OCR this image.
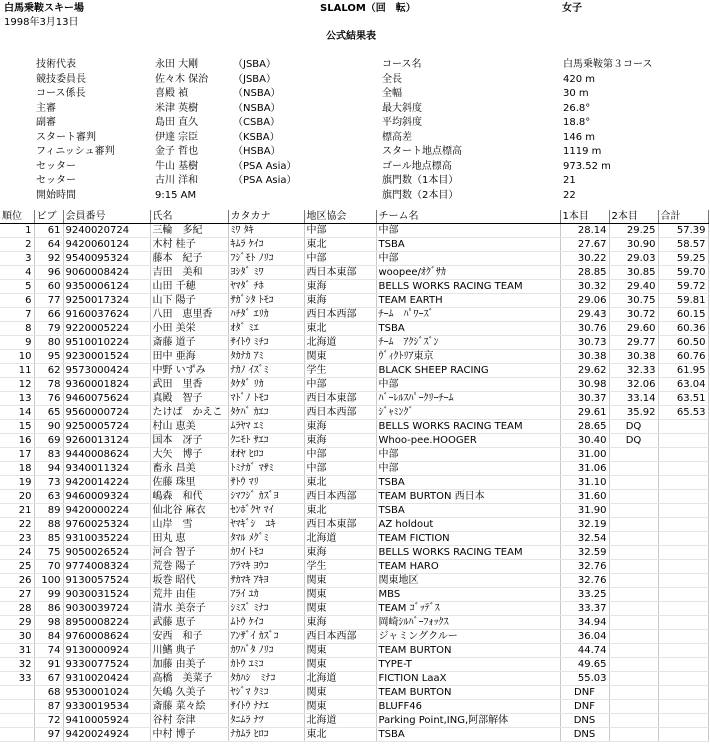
白馬乗鞍スキー場	SLALOM（回　転）	女子
1998年3月13日
公式結果表
技術代表	永田 大剛	（JSBA）
競技委員長	佐々木 保治 （JSBA）
コース係長	喜殿 禎	（NSBA）
主審	米津 英樹	（NSBA）
副審	島田 直久	（CSBA）
スタート審判	伊達 宗臣	（KSBA）
フィニッシュ審判	金子 哲也	（HSBA）
セッター	牛山 基樹	（PSA Asia）
セッター	古川 洋和	（PSA Asia）
開始時間	9:15 AM
コース名	白馬乗鞍第３コース
全長	420 m
全幅	30 m
最大斜度	26.8°
平均斜度	18.8°
標高差	146 m
スタート地点標高	1119 m
ゴール地点標高	973.52 m
旗門数（1本目）	21
旗門数（2本目）	22
順位	ビブ	会員番号	氏名	カタカナ	地区協会	チーム名	1本目	2本目	合計
1	61	9240020724	三輪　多紀	ﾐﾜ ﾀｷ	中部	中部	28.14	29.25	57.39
2	64	9420060124	木村 桂子	ｷﾑﾗ ｹｲｺ	東北	TSBA	27.67	30.90	58.57
3	92	9540095324	藤本　紀子	ﾌｼﾞﾓﾄ ﾉﾘｺ	中部	中部	30.22	29.03	59.25
4	96	9060008424	吉田　美和	ﾖｼﾀﾞ ﾐﾜ	西日本東部	woopee/ｵｸﾞｻｶ	28.85	30.85	59.70
5	60	9350006124	山田 千穂	ﾔﾏﾀﾞ ﾁﾎ	東海	BELLS WORKS RACING TEAM	30.32	29.40	59.72
6	77	9250017324	山下 陽子	ｻｶﾞｼﾀ ﾄﾓｺ	東海	TEAM EARTH	29.06	30.75	59.81
7	66	9160037624	八田　恵里香	ﾊﾁﾀﾞ ｴﾘｶ	西日本西部	ﾁｰﾑ　ﾊﾟﾜｰｽﾞ	29.43	30.72	60.15
8	79	9220005224	小田 美栄	ｵﾀﾞ ﾐｴ	東北	TSBA	30.76	29.60	60.36
9	80	9510010224	斎藤 道子	ｻｲﾄｳ ﾐﾁｺ	北海道	ﾁｰﾑ　ｱｸｼﾞｽﾞﾝ	30.73	29.77	60.50
10	95	9230001524	田中 亜海	ﾀｶﾅｶ ｱﾐ	関東	ｳﾞｨｸﾄﾘｱ東京	30.38	30.38	60.76
11	62	9573000424	中野 いずみ	ﾅｶﾉ ｲｽﾞﾐ	学生	BLACK SHEEP RACING	29.62	32.33	61.95
12	78	9360001824	武田　里香	ﾀｹﾀﾞ ﾘｶ	中部	中部	30.98	32.06	63.04
13	76	9460075624	真殿　智子	ﾏﾄﾞﾉ ﾄﾓｺ	西日本東部	ﾊﾞｰﾚﾙｽﾊﾟｰｸﾘｰﾁｰﾑ	30.37	33.14	63.51
14	65	9560000724	たけば　かえこ	ﾀｹﾊﾞ ｶｴｺ	西日本西部	ｼﾞｬﾐﾝｸﾞ	29.61	35.92	65.53
15	90	9250005724	村山 恵美	ﾑﾗﾔﾏ ｴﾐ	東海	BELLS WORKS RACING TEAM	28.65	DQ	
16	69	9260013124	国本　冴子	ｸﾆﾓﾄ ｻｴｺ	東海	Whoo-pee.HOOGER	30.40	DQ	
17	83	9440008624	大矢　博子	ｵｵﾔ ﾋﾛｺ	中部	中部	31.00		
18	94	9340011324	畜永 昌美	ﾄﾐﾅｶﾞ ﾏｻﾐ	中部	中部	31.06		
19	73	9420014224	佐藤 珠里	ｻﾄｳ ﾏﾘ	東北	TSBA	31.10		
20	63	9460009324	嶋森　和代	ｼﾏﾌｼﾞ ｶｽﾞﾖ	西日本西部	TEAM BURTON 西日本	31.60		
21	89	9420000224	仙北谷 麻衣	ｾﾝﾎﾞｸﾔ ﾏｲ	東北	TSBA	31.90		
22	88	9760025324	山岸　雪	ﾔﾏｷﾞｼ　ﾕｷ	西日本東部	AZ holdout	32.19		
23	85	9310035224	田丸 恵	ﾀﾏﾙ ﾒｸﾞﾐ	北海道	TEAM FICTION	32.54		
24	75	9050026524	河合 智子	ｶﾜｲ ﾄﾓｺ	東海	BELLS WORKS RACING TEAM	32.59		
25	70	9774008324	荒巻 陽子	ｱﾗﾏｷ ﾖｳｺ	学生	TEAM HARO	32.76		
26	100	9130057524	坂巻 昭代	ｻｶﾏｷ ｱｷﾖ	関東	関東地区	32.76		
27	99	9030031524	荒井 由佳	ｱﾗｲ ﾕｶ	関東	MBS	33.25		
28	86	9030039724	清水 美奈子	ｼﾐｽﾞ ﾐﾅｺ	関東	TEAM ｺﾞｯﾃﾞｽ	33.37		
29	98	8950008224	武藤 恵子	ﾑﾄｳ ｹｲｺ	東海	岡崎ｼﾙﾊﾞｰﾌｫｯｸｽ	34.94		
30	84	9760008624	安西　和子	ｱﾝｻﾞｲ ｶｽﾞｺ	西日本西部	ジャミングクルー	36.04		
31	74	9130000924	川鰭 典子	ｶﾜﾊﾞﾀ ﾉﾘｺ	関東	TEAM BURTON	44.74		
32	91	9330077524	加藤 由美子	ｶﾄｳ ﾕﾐｺ	関東	TYPE-T	49.65		
33	67	9310020424	高橋　美菜子	ﾀｶﾊｼ　ﾐﾅｺ	北海道	FICTION LaaX	55.03		
	68	9530001024	矢嶋 久美子	ﾔｼﾞﾏ ｸﾐｺ	関東	TEAM BURTON	DNF		
	87	9330019534	斎藤 菜々絵	ｻｲﾄｳ ﾅﾅｴ	関東	BLUFF46	DNF		
	72	9410005924	谷村 奈津	ﾀﾆﾑﾗ ﾅﾂ	北海道	Parking Point,ING,阿部解体	DNS		
	97	9420024924	中村 博子	ﾅｶﾑﾗ ﾋﾛｺ	東北	TSBA	DNS		
